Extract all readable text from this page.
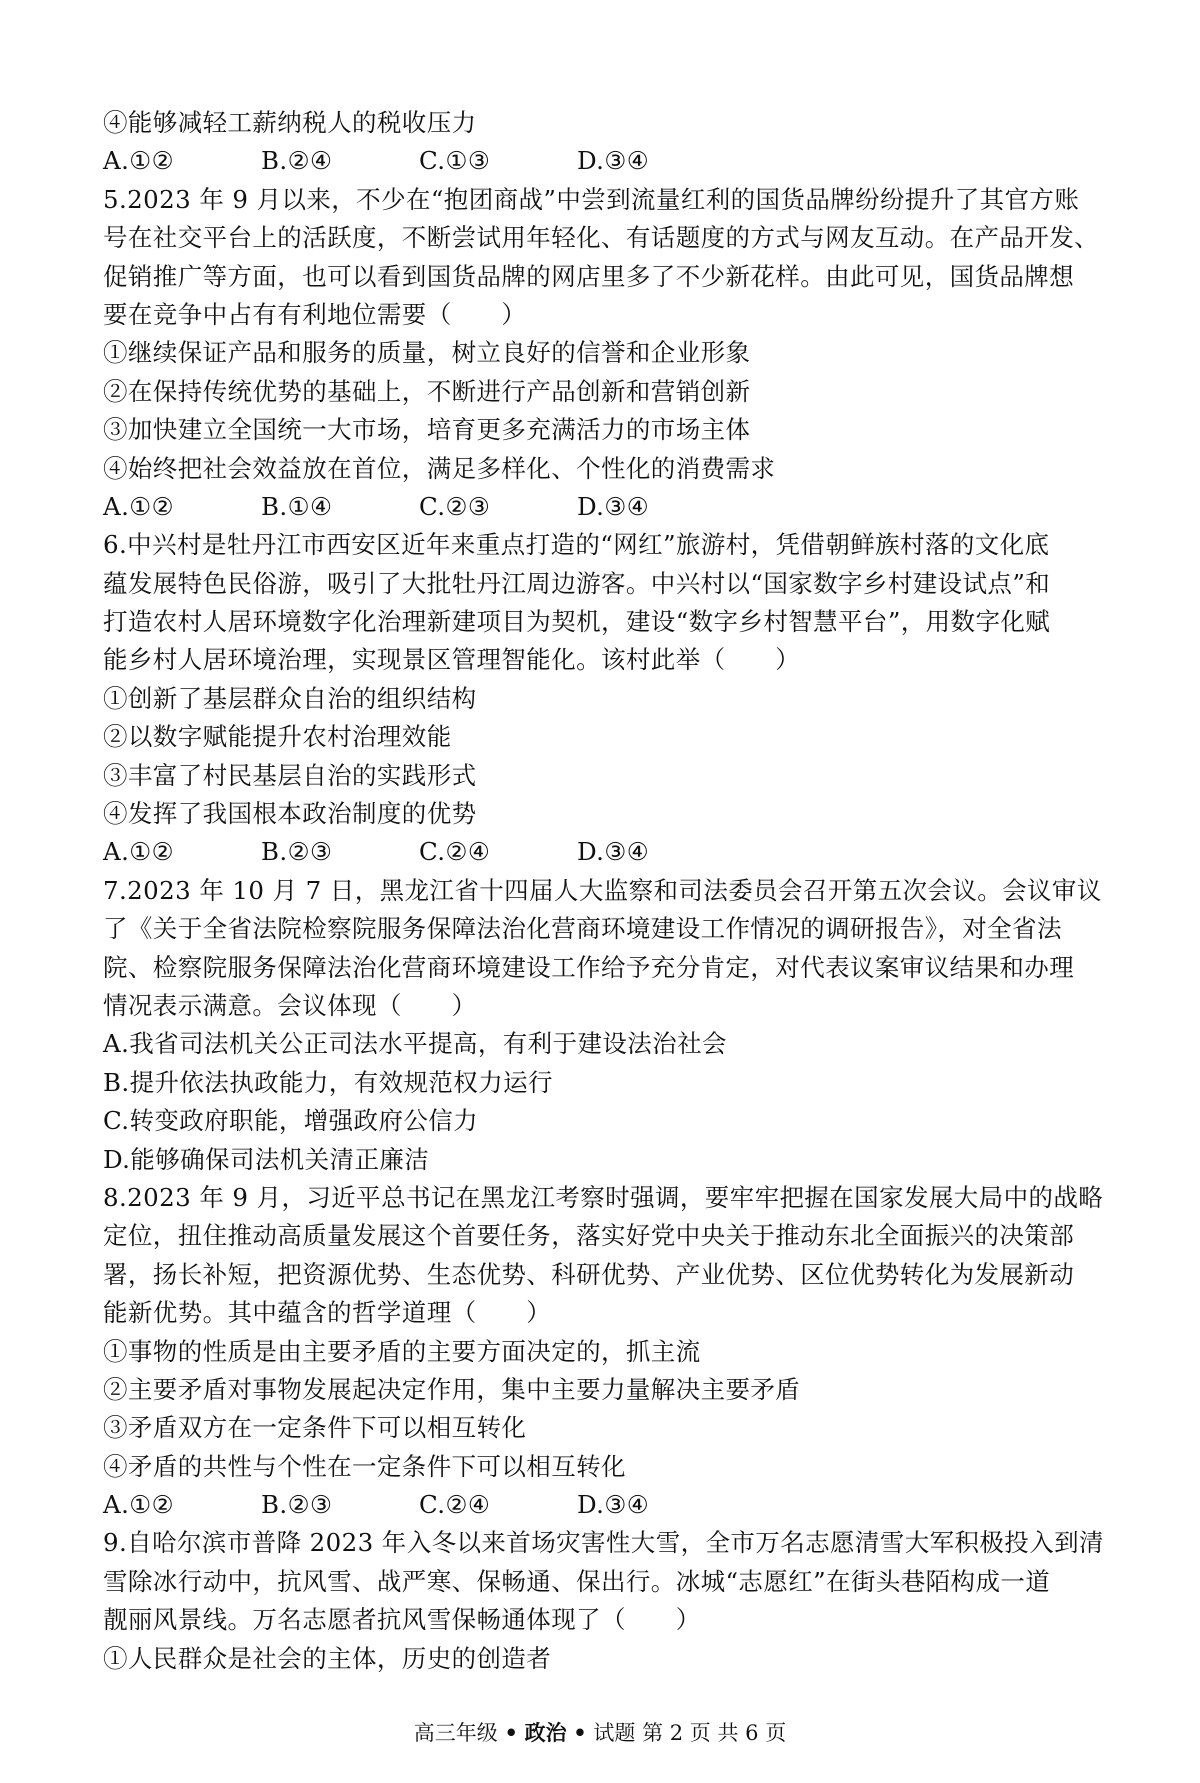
④能够减轻工薪纳税人的税收压力
A.①②	B.②④	C.①③	D.③④
5.2023 年 9 月以来，不少在“抱团商战”中尝到流量红利的国货品牌纷纷提升了其官方账
号在社交平台上的活跃度，不断尝试用年轻化、有话题度的方式与网友互动。在产品开发、
促销推广等方面，也可以看到国货品牌的网店里多了不少新花样。由此可见，国货品牌想
要在竞争中占有有利地位需要（　　）
①继续保证产品和服务的质量，树立良好的信誉和企业形象
②在保持传统优势的基础上，不断进行产品创新和营销创新
③加快建立全国统一大市场，培育更多充满活力的市场主体
④始终把社会效益放在首位，满足多样化、个性化的消费需求
A.①②	B.①④	C.②③	D.③④
6.中兴村是牡丹江市西安区近年来重点打造的“网红”旅游村，凭借朝鲜族村落的文化底
蕴发展特色民俗游，吸引了大批牡丹江周边游客。中兴村以“国家数字乡村建设试点”和
打造农村人居环境数字化治理新建项目为契机，建设“数字乡村智慧平台”，用数字化赋
能乡村人居环境治理，实现景区管理智能化。该村此举（　　）
①创新了基层群众自治的组织结构
②以数字赋能提升农村治理效能
③丰富了村民基层自治的实践形式
④发挥了我国根本政治制度的优势
A.①②	B.②③	C.②④	D.③④
7.2023 年 10 月 7 日，黑龙江省十四届人大监察和司法委员会召开第五次会议。会议审议
了《关于全省法院检察院服务保障法治化营商环境建设工作情况的调研报告》，对全省法
院、检察院服务保障法治化营商环境建设工作给予充分肯定，对代表议案审议结果和办理
情况表示满意。会议体现（　　）
A.我省司法机关公正司法水平提高，有利于建设法治社会
B.提升依法执政能力，有效规范权力运行
C.转变政府职能，增强政府公信力
D.能够确保司法机关清正廉洁
8.2023 年 9 月，习近平总书记在黑龙江考察时强调，要牢牢把握在国家发展大局中的战略
定位，扭住推动高质量发展这个首要任务，落实好党中央关于推动东北全面振兴的决策部
署，扬长补短，把资源优势、生态优势、科研优势、产业优势、区位优势转化为发展新动
能新优势。其中蕴含的哲学道理（　　）
①事物的性质是由主要矛盾的主要方面决定的，抓主流
②主要矛盾对事物发展起决定作用，集中主要力量解决主要矛盾
③矛盾双方在一定条件下可以相互转化
④矛盾的共性与个性在一定条件下可以相互转化
A.①②	B.②③	C.②④	D.③④
9.自哈尔滨市普降 2023 年入冬以来首场灾害性大雪，全市万名志愿清雪大军积极投入到清
雪除冰行动中，抗风雪、战严寒、保畅通、保出行。冰城“志愿红”在街头巷陌构成一道
靓丽风景线。万名志愿者抗风雪保畅通体现了（　　）
①人民群众是社会的主体，历史的创造者
高三年级 • 政治 • 试题 第 2 页 共 6 页
